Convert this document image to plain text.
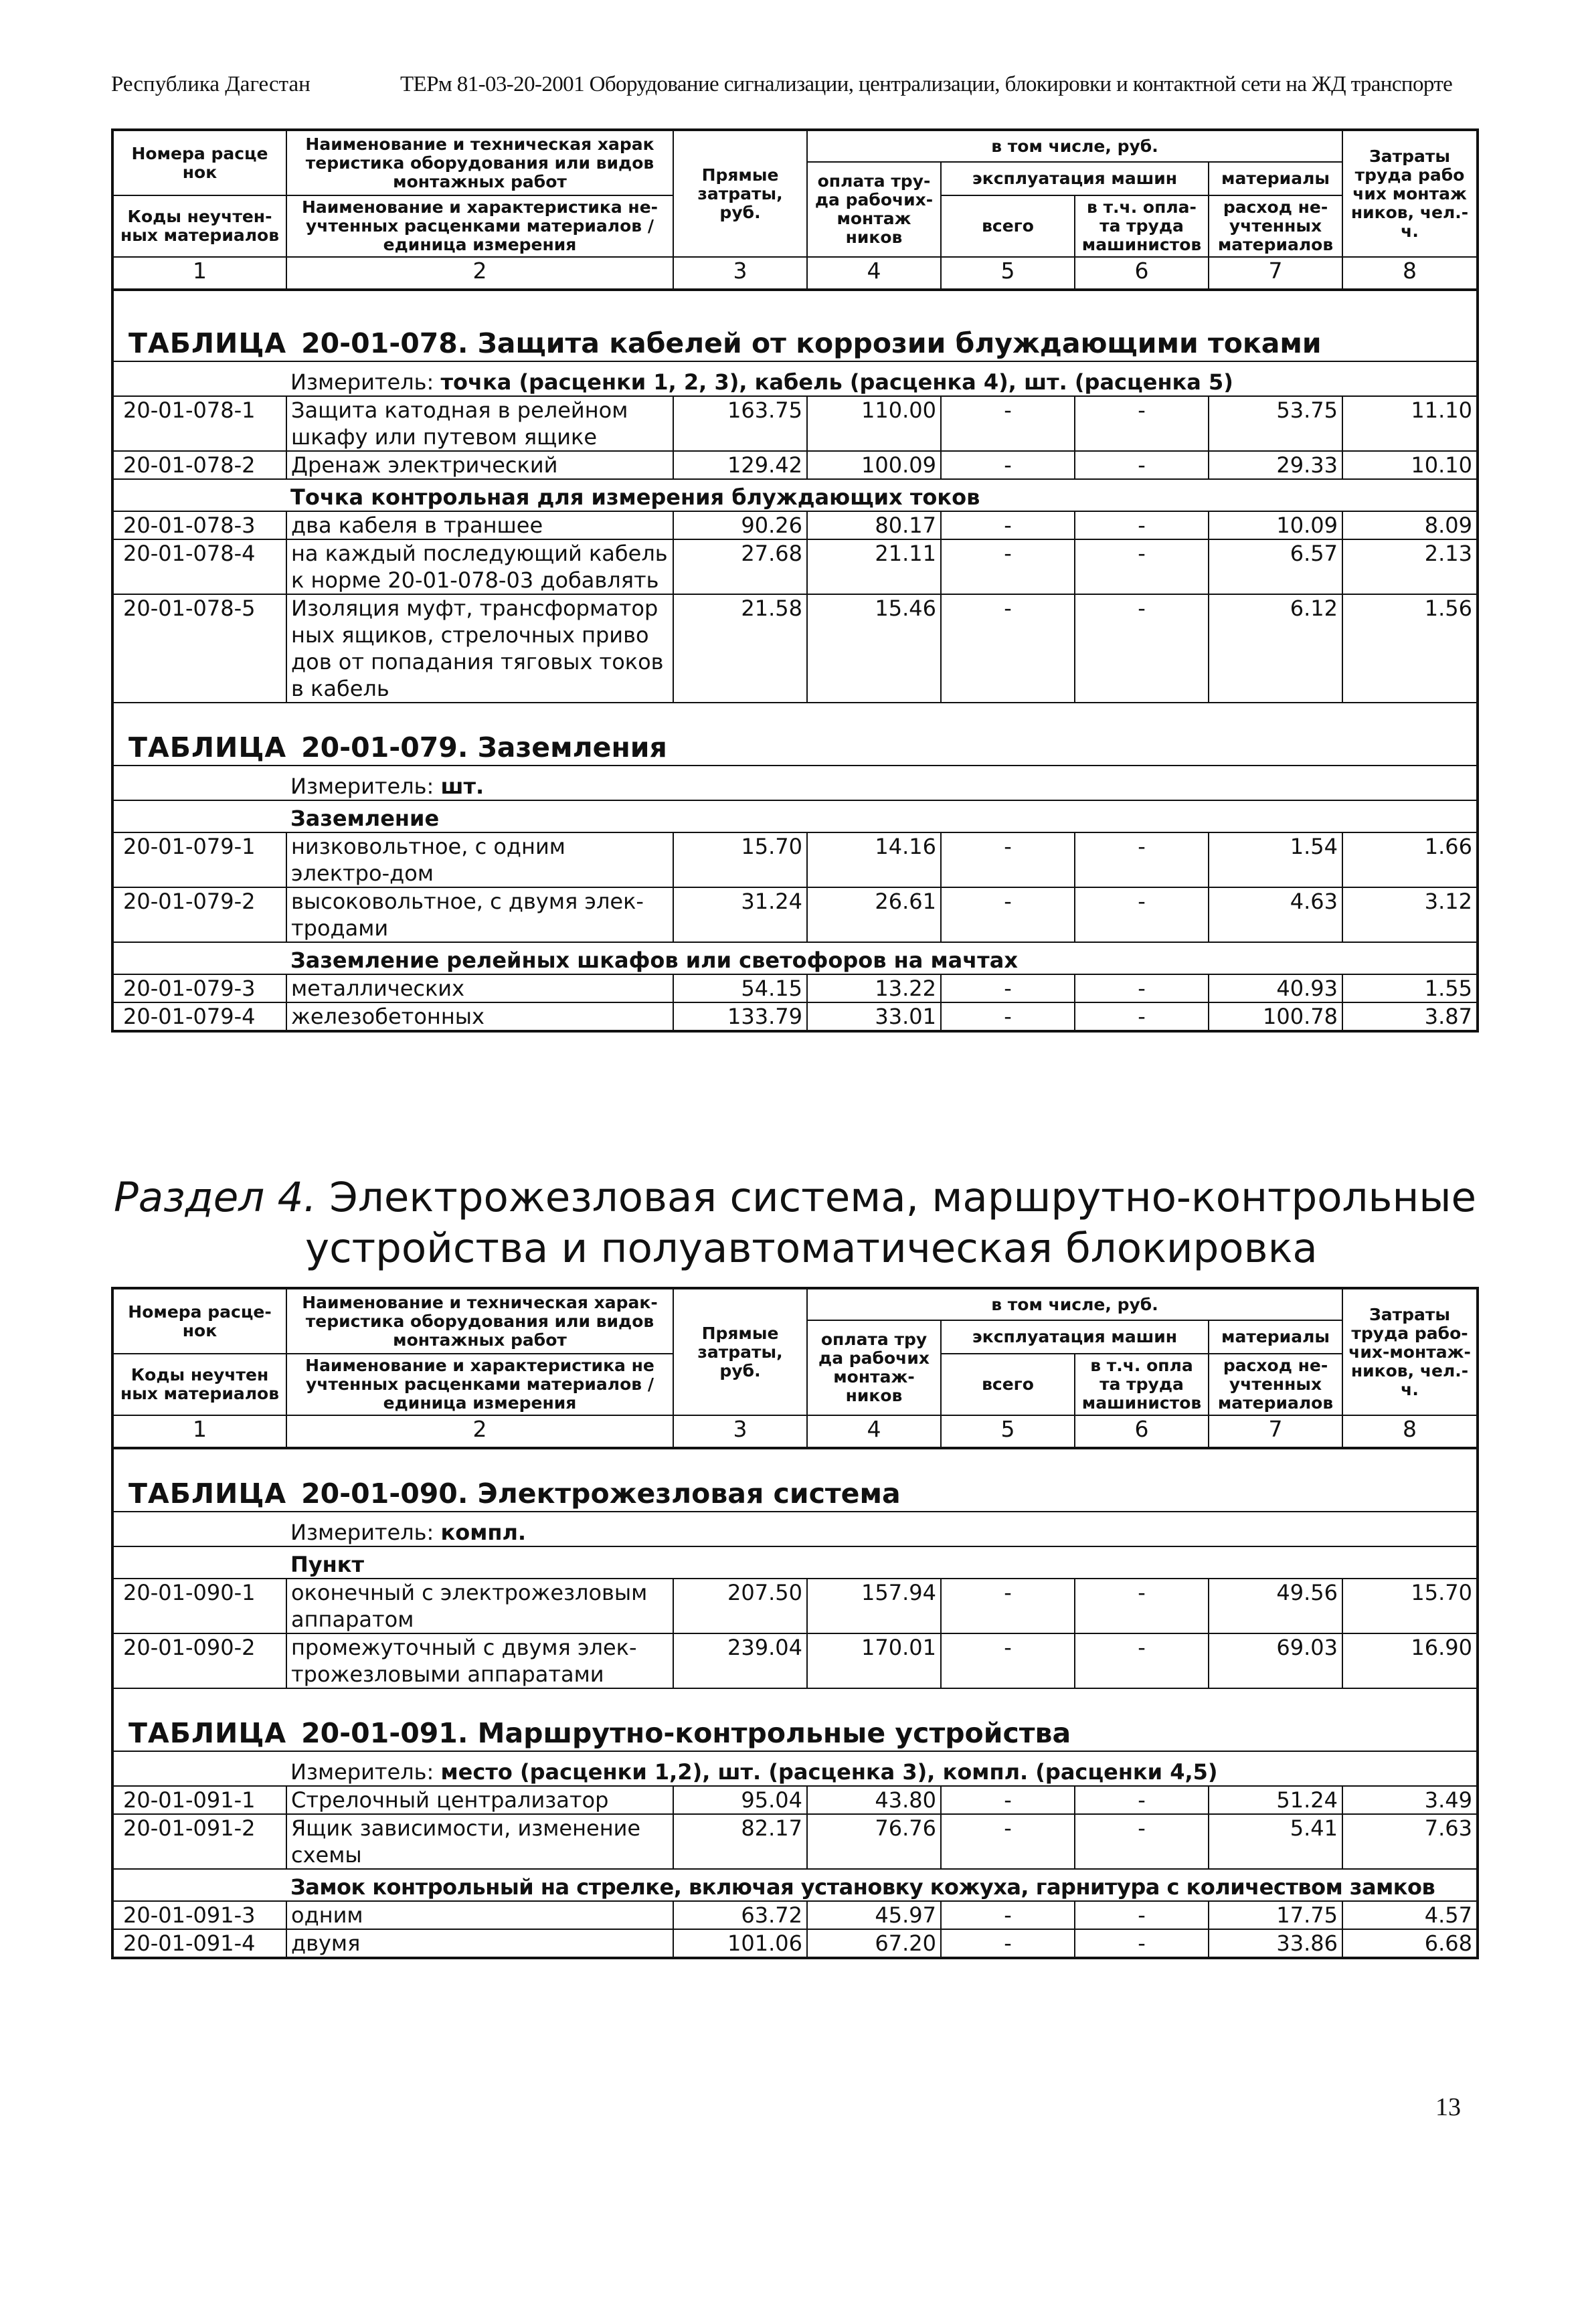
Республика Дагестан	ТЕРм 81-03-20-2001 Оборудование сигнализации, централизации, блокировки и контактной сети на ЖД транспорте
Номера расце нок	Наименование и техническая харак теристика оборудования или видов монтажных работ	Прямые затраты, руб.	в том числе, руб.				Затраты труда рабо чих монтаж ников, чел.-ч.
			оплата тру-да рабочих-монтаж ников	эксплуатация машин		материалы	
Коды неучтен-ных материалов	Наименование и характеристика не-учтенных расценками материалов / единица измерения			всего	в т.ч. опла-та труда машинистов	расход не-учтенных материалов	

1	2	3	4	5	6	7	8
ТАБЛИЦА 20-01-078. Защита кабелей от коррозии блуждающими токами							
	Измеритель: точка (расценки 1, 2, 3), кабель (расценка 4), шт. (расценка 5)						
20-01-078-1	Защита катодная в релейном шкафу или путевом ящике	163.75	110.00	-	-	53.75	11.10
20-01-078-2	Дренаж электрический	129.42	100.09	-	-	29.33	10.10
	Точка контрольная для измерения блуждающих токов						
20-01-078-3	два кабеля в траншее	90.26	80.17	-	-	10.09	8.09
20-01-078-4	на каждый последующий кабель к норме 20-01-078-03 добавлять	27.68	21.11	-	-	6.57	2.13
20-01-078-5	Изоляция муфт, трансформатор ных ящиков, стрелочных приво дов от попадания тяговых токов в кабель	21.58	15.46	-	-	6.12	1.56
ТАБЛИЦА 20-01-079. Заземления							
	Измеритель: шт.						
	Заземление						
20-01-079-1	низковольтное, с одним электро-дом	15.70	14.16	-	-	1.54	1.66
20-01-079-2	высоковольтное, с двумя элек-тродами	31.24	26.61	-	-	4.63	3.12
	Заземление релейных шкафов или светофоров на мачтах						
20-01-079-3	металлических	54.15	13.22	-	-	40.93	1.55
20-01-079-4	железобетонных	133.79	33.01	-	-	100.78	3.87
Раздел 4. Электрожезловая система, маршрутно-контрольные
устройства и полуавтоматическая блокировка
Номера расце-нок	Наименование и техническая харак-теристика оборудования или видов монтажных работ	Прямые затраты, руб.	в том числе, руб.				Затраты труда рабо-чих-монтаж-ников, чел.-ч.
			оплата тру да рабочих монтаж-ников	эксплуатация машин		материалы	
Коды неучтен ных материалов	Наименование и характеристика не учтенных расценками материалов / единица измерения			всего	в т.ч. опла та труда машинистов	расход не-учтенных материалов	

1	2	3	4	5	6	7	8
ТАБЛИЦА 20-01-090. Электрожезловая система							
	Измеритель: компл.						
	Пункт						
20-01-090-1	оконечный с электрожезловым аппаратом	207.50	157.94	-	-	49.56	15.70
20-01-090-2	промежуточный с двумя элек-трожезловыми аппаратами	239.04	170.01	-	-	69.03	16.90
ТАБЛИЦА 20-01-091. Маршрутно-контрольные устройства							
	Измеритель: место (расценки 1,2), шт. (расценка 3), компл. (расценки 4,5)						
20-01-091-1	Стрелочный централизатор	95.04	43.80	-	-	51.24	3.49
20-01-091-2	Ящик зависимости, изменение схемы	82.17	76.76	-	-	5.41	7.63
	Замок контрольный на стрелке, включая установку кожуха, гарнитура с количеством замков						
20-01-091-3	одним	63.72	45.97	-	-	17.75	4.57
20-01-091-4	двумя	101.06	67.20	-	-	33.86	6.68
13
